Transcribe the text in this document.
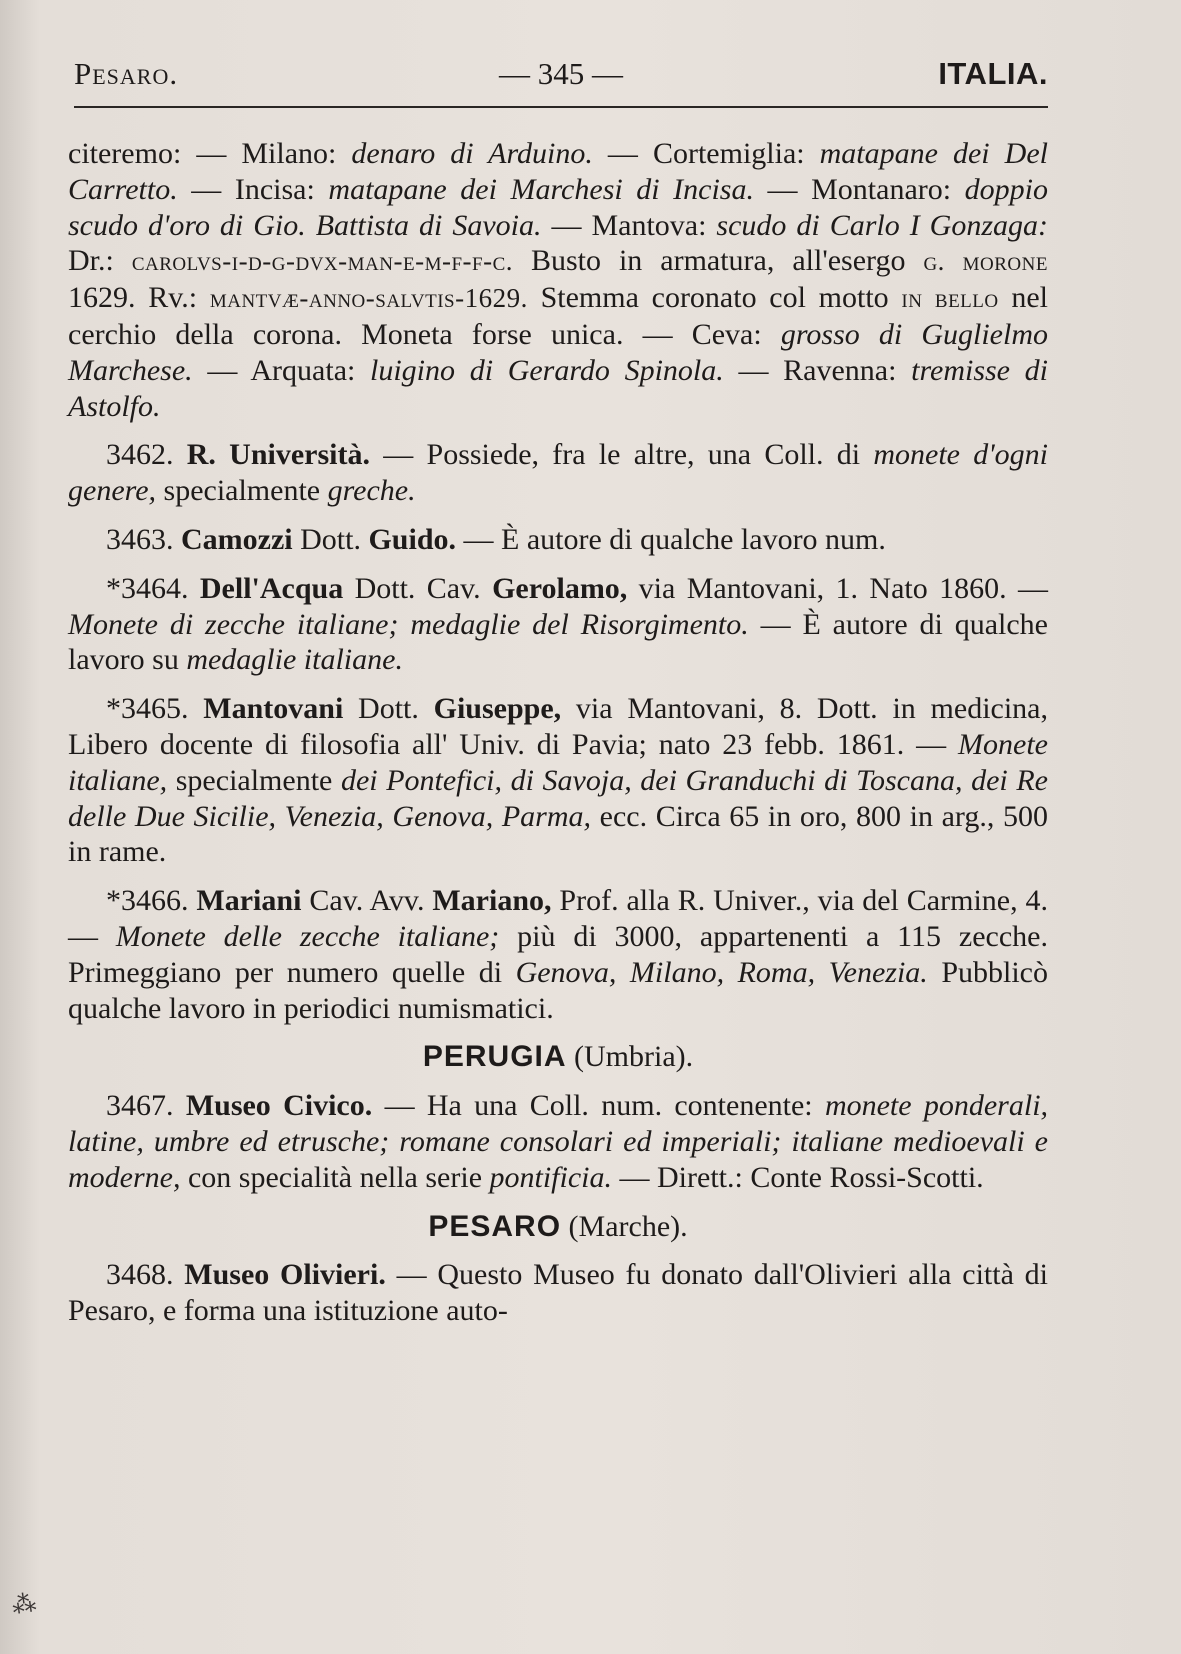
Pesaro.	— 345 —	ITALIA.

citeremo: — Milano: denaro di Arduino. — Cortemiglia: matapane dei Del Carretto. — Incisa: matapane dei Marchesi di Incisa. — Montanaro: doppio scudo d'oro di Gio. Battista di Savoia. — Mantova: scudo di Carlo I Gonzaga: Dr.: carolvs-i-d-g-dvx-man-e-m-f-f-c. Busto in armatura, all'esergo g. morone 1629. Rv.: mantvæ-anno-salvtis-1629. Stemma coronato col motto in bello nel cerchio della corona. Moneta forse unica. — Ceva: grosso di Guglielmo Marchese. — Arquata: luigino di Gerardo Spinola. — Ravenna: tremisse di Astolfo.

3462. R. Università. — Possiede, fra le altre, una Coll. di monete d'ogni genere, specialmente greche.

3463. Camozzi Dott. Guido. — È autore di qualche lavoro num.

*3464. Dell'Acqua Dott. Cav. Gerolamo, via Mantovani, 1. Nato 1860. — Monete di zecche italiane; medaglie del Risorgimento. — È autore di qualche lavoro su medaglie italiane.

*3465. Mantovani Dott. Giuseppe, via Mantovani, 8. Dott. in medicina, Libero docente di filosofia all' Univ. di Pavia; nato 23 febb. 1861. — Monete italiane, specialmente dei Pontefici, di Savoja, dei Granduchi di Toscana, dei Re delle Due Sicilie, Venezia, Genova, Parma, ecc. Circa 65 in oro, 800 in arg., 500 in rame.

*3466. Mariani Cav. Avv. Mariano, Prof. alla R. Univer., via del Carmine, 4. — Monete delle zecche italiane; più di 3000, appartenenti a 115 zecche. Primeggiano per numero quelle di Genova, Milano, Roma, Venezia. Pubblicò qualche lavoro in periodici numismatici.

PERUGIA (Umbria).

3467. Museo Civico. — Ha una Coll. num. contenente: monete ponderali, latine, umbre ed etrusche; romane consolari ed imperiali; italiane medioevali e moderne, con specialità nella serie pontificia. — Dirett.: Conte Rossi-Scotti.

PESARO (Marche).

3468. Museo Olivieri. — Questo Museo fu donato dall'Olivieri alla città di Pesaro, e forma una istituzione auto-

⁂
